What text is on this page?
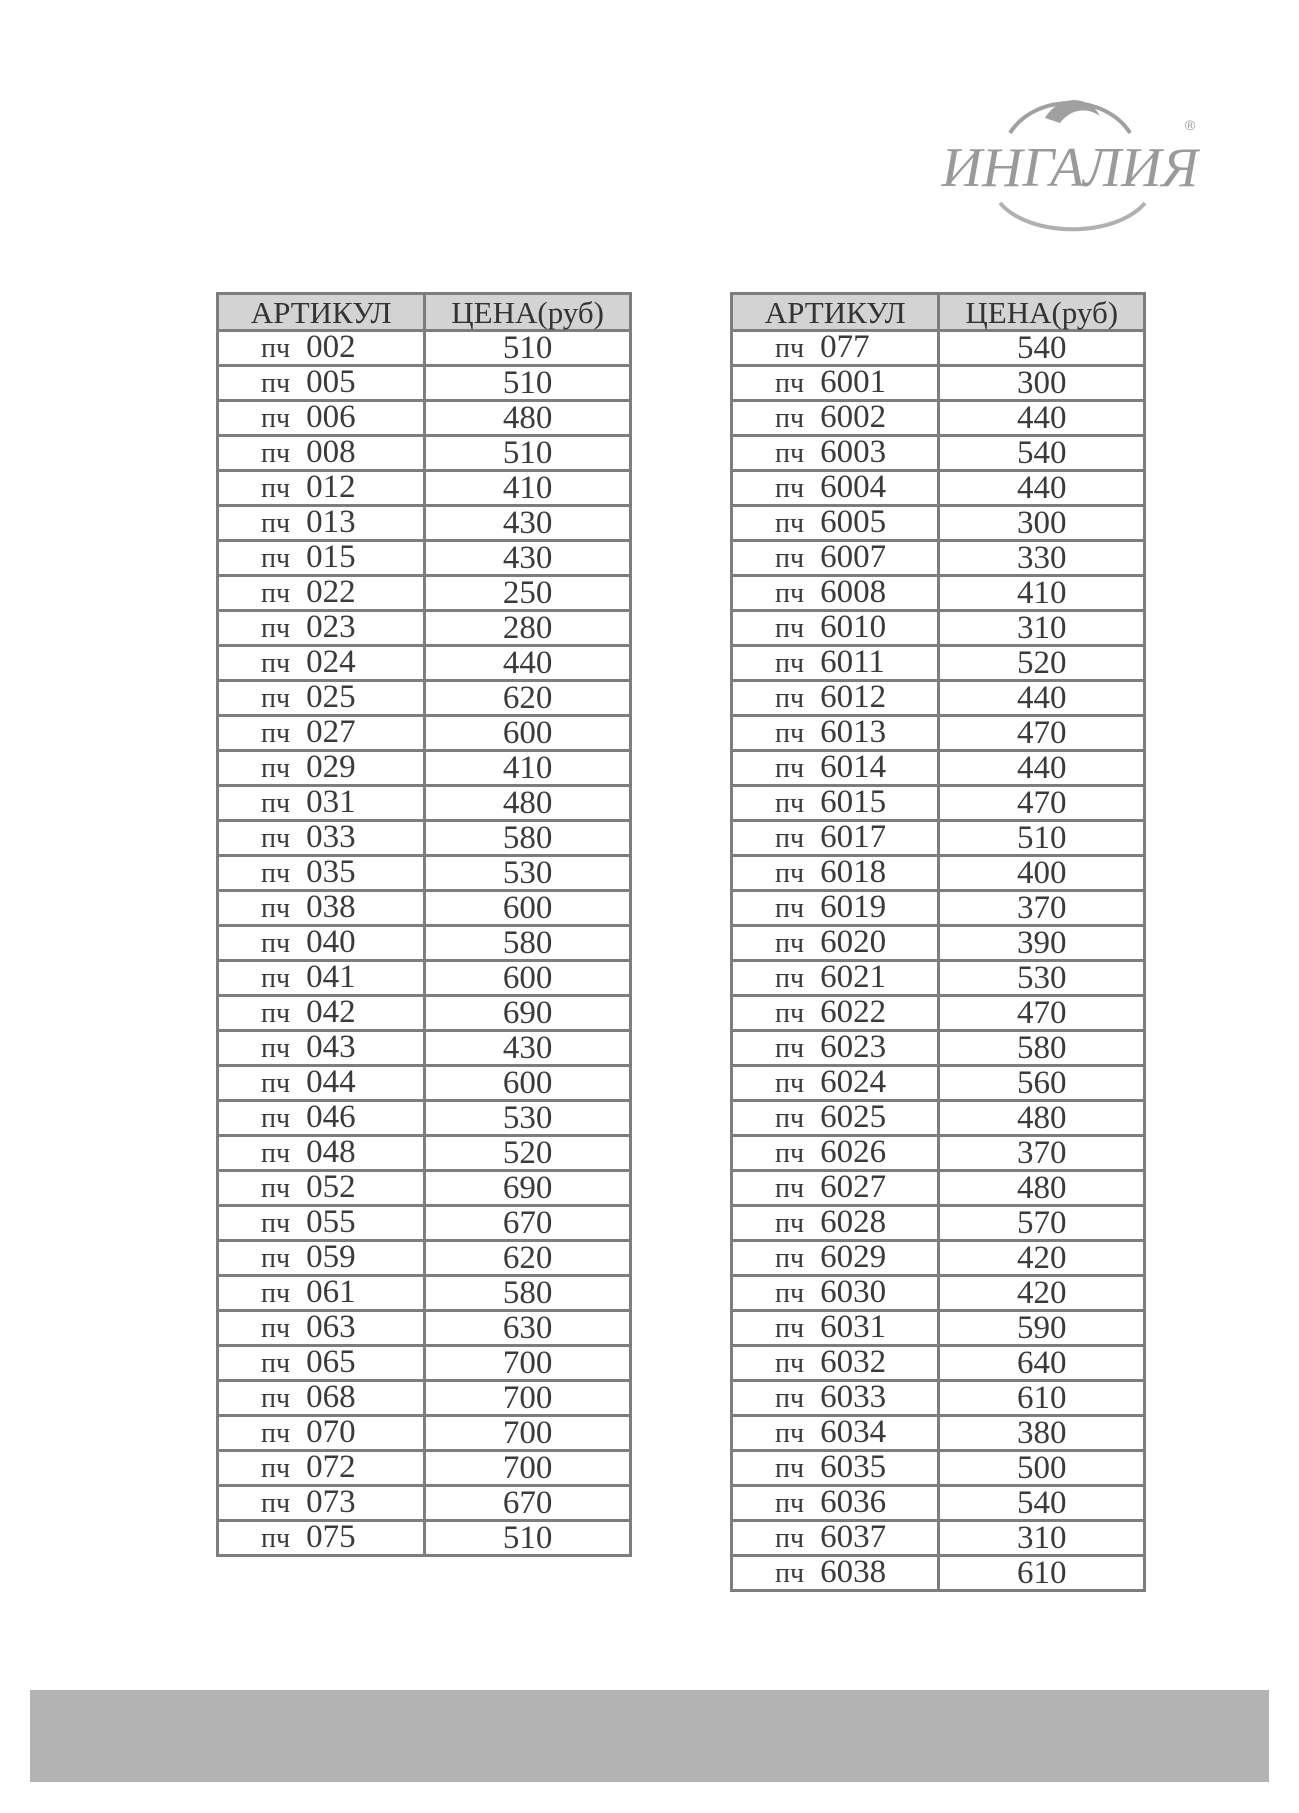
ИНГАЛИЯ
®
АРТИКУЛ	ЦЕНА(руб)

пч 002	510
пч 005	510
пч 006	480
пч 008	510
пч 012	410
пч 013	430
пч 015	430
пч 022	250
пч 023	280
пч 024	440
пч 025	620
пч 027	600
пч 029	410
пч 031	480
пч 033	580
пч 035	530
пч 038	600
пч 040	580
пч 041	600
пч 042	690
пч 043	430
пч 044	600
пч 046	530
пч 048	520
пч 052	690
пч 055	670
пч 059	620
пч 061	580
пч 063	630
пч 065	700
пч 068	700
пч 070	700
пч 072	700
пч 073	670
пч 075	510
АРТИКУЛ	ЦЕНА(руб)

пч 077	540
пч 6001	300
пч 6002	440
пч 6003	540
пч 6004	440
пч 6005	300
пч 6007	330
пч 6008	410
пч 6010	310
пч 6011	520
пч 6012	440
пч 6013	470
пч 6014	440
пч 6015	470
пч 6017	510
пч 6018	400
пч 6019	370
пч 6020	390
пч 6021	530
пч 6022	470
пч 6023	580
пч 6024	560
пч 6025	480
пч 6026	370
пч 6027	480
пч 6028	570
пч 6029	420
пч 6030	420
пч 6031	590
пч 6032	640
пч 6033	610
пч 6034	380
пч 6035	500
пч 6036	540
пч 6037	310
пч 6038	610
